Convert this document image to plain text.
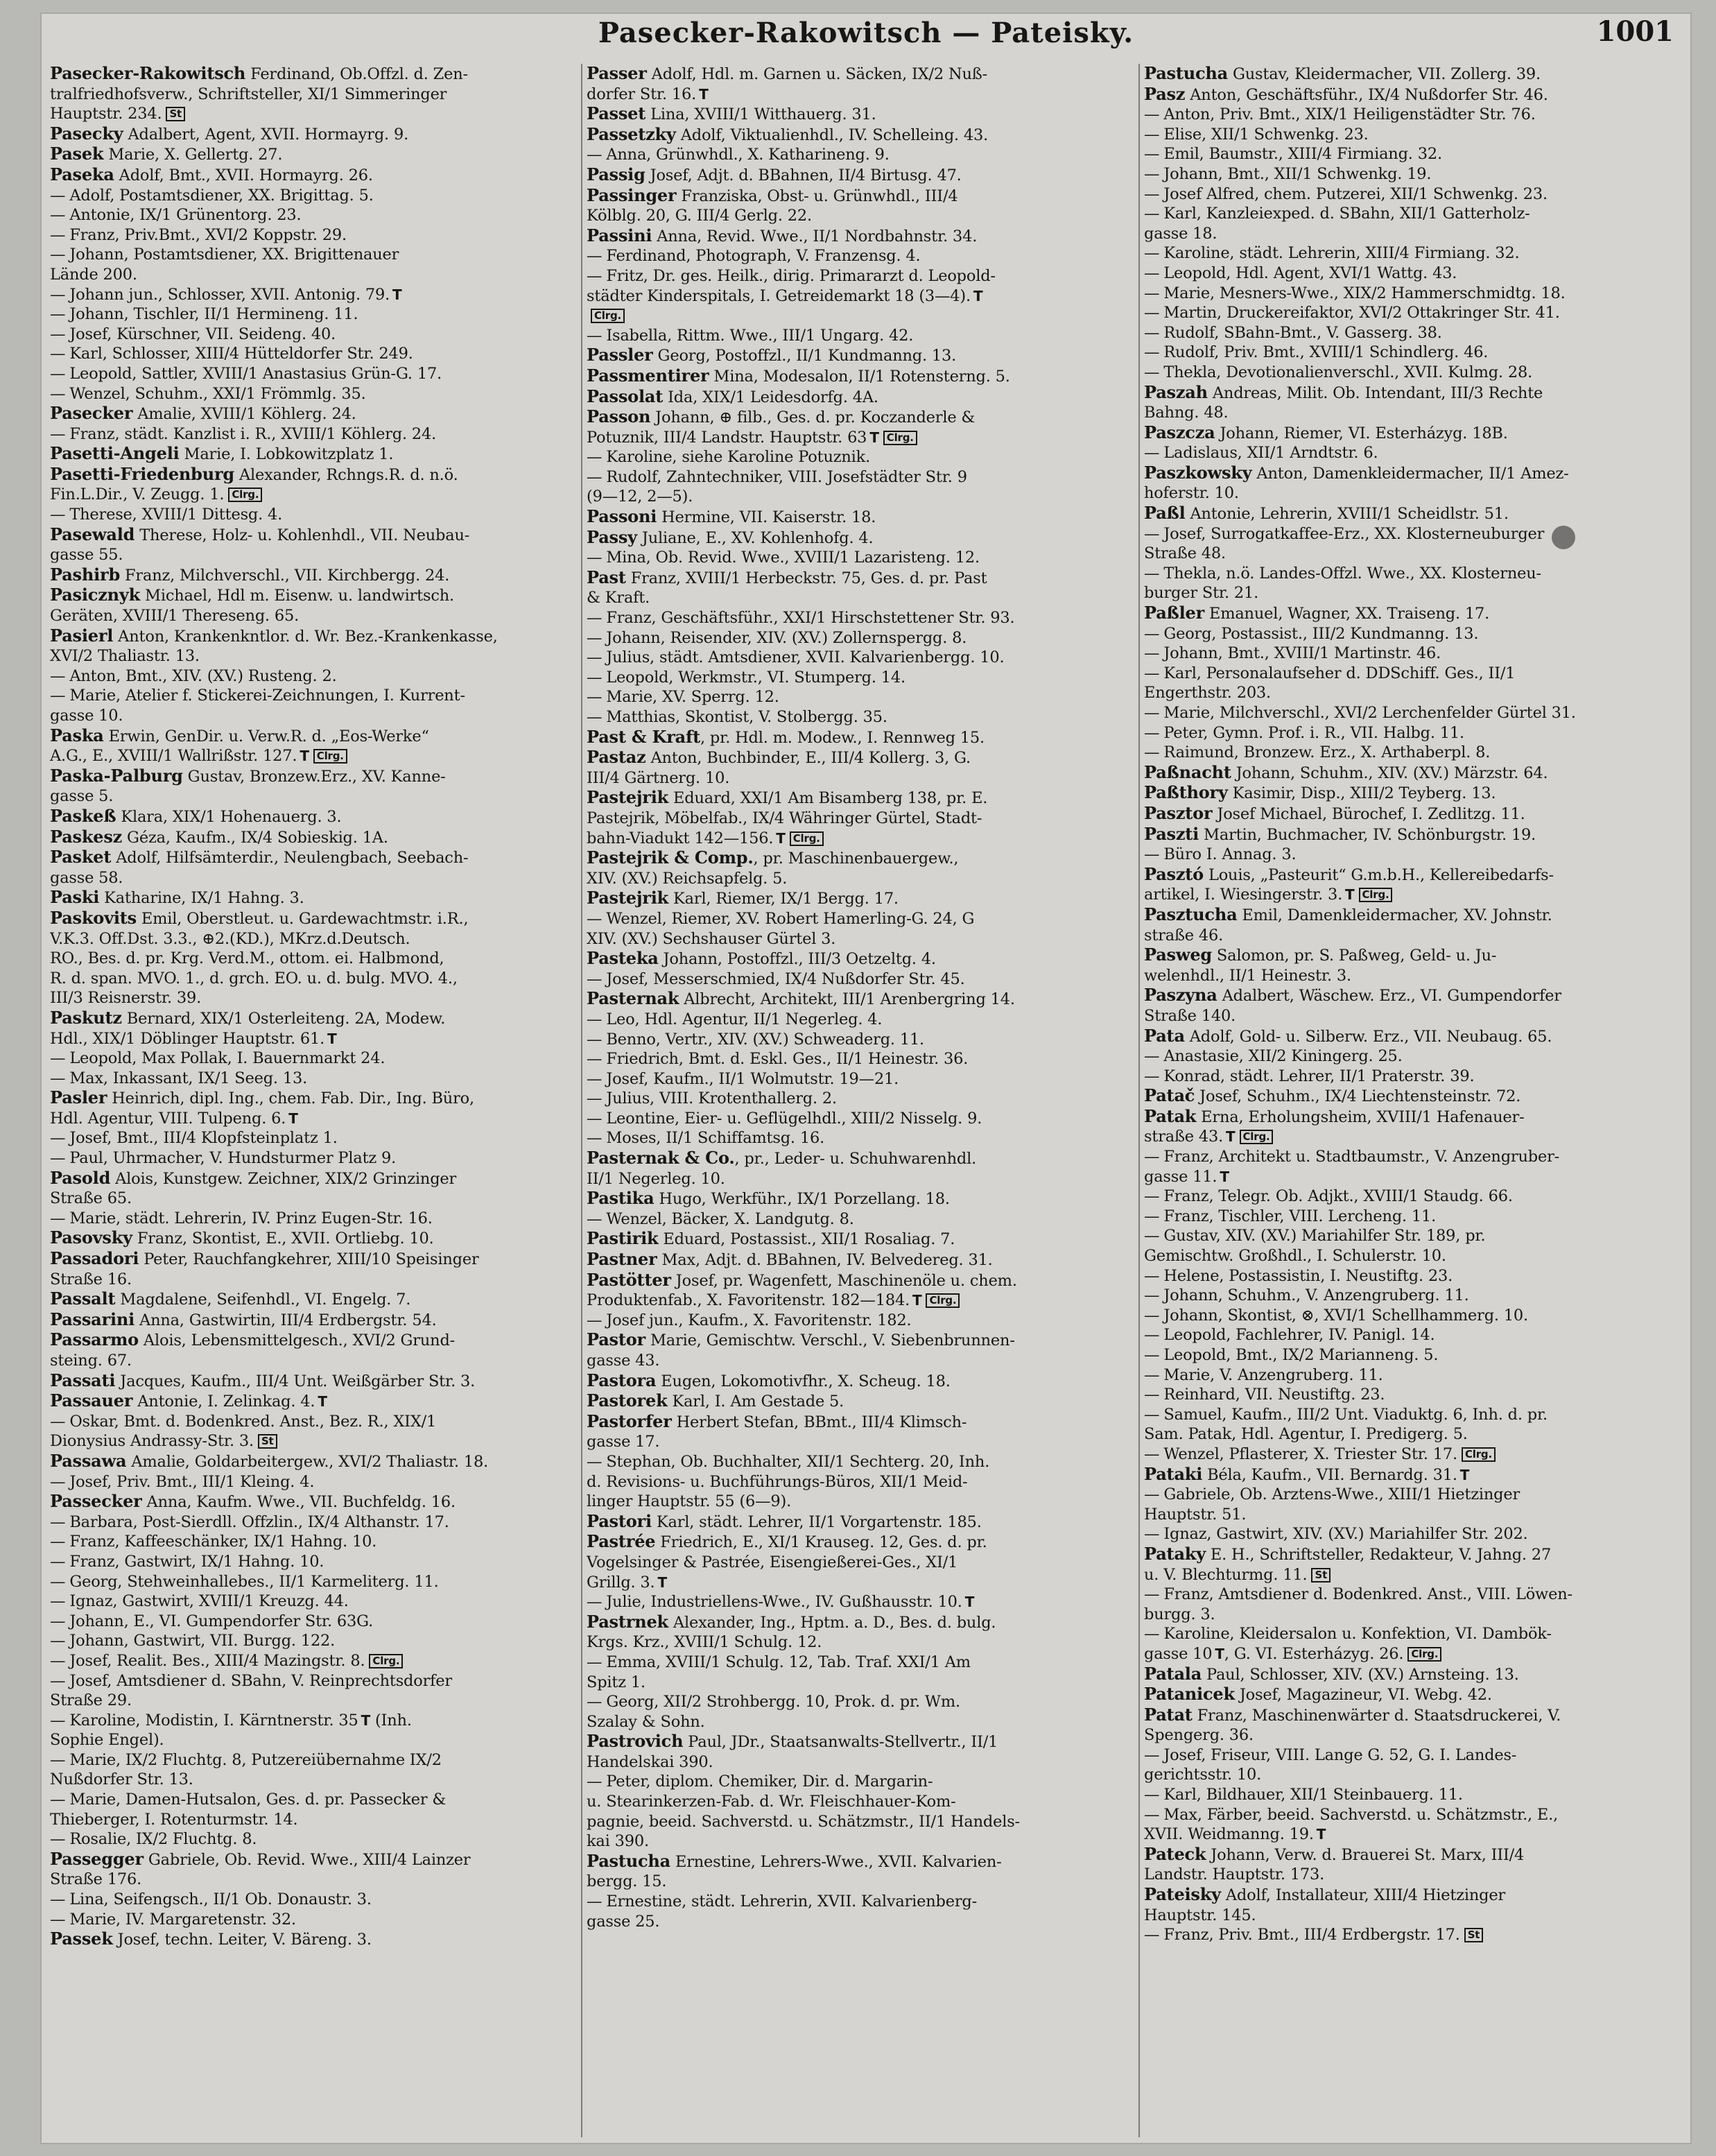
Pasecker-Rakowitsch — Pateisky.	1001

Pasecker-Rakowitsch Ferdinand, Ob.Offzl. d. Zen-

tralfriedhofsverw., Schriftsteller, XI/1 Simmeringer

Hauptstr. 234. St

Pasecky Adalbert, Agent, XVII. Hormayrg. 9.

Pasek Marie, X. Gellertg. 27.

Paseka Adolf, Bmt., XVII. Hormayrg. 26.

— Adolf, Postamtsdiener, XX. Brigittag. 5.

— Antonie, IX/1 Grünentorg. 23.

— Franz, Priv.Bmt., XVI/2 Koppstr. 29.

— Johann, Postamtsdiener, XX. Brigittenauer

Lände 200.

— Johann jun., Schlosser, XVII. Antonig. 79. T

— Johann, Tischler, II/1 Hermineng. 11.

— Josef, Kürschner, VII. Seideng. 40.

— Karl, Schlosser, XIII/4 Hütteldorfer Str. 249.

— Leopold, Sattler, XVIII/1 Anastasius Grün-G. 17.

— Wenzel, Schuhm., XXI/1 Frömmlg. 35.

Pasecker Amalie, XVIII/1 Köhlerg. 24.

— Franz, städt. Kanzlist i. R., XVIII/1 Köhlerg. 24.

Pasetti-Angeli Marie, I. Lobkowitzplatz 1.

Pasetti-Friedenburg Alexander, Rchngs.R. d. n.ö.

Fin.L.Dir., V. Zeugg. 1. Clrg.

— Therese, XVIII/1 Dittesg. 4.

Pasewald Therese, Holz- u. Kohlenhdl., VII. Neubau-

gasse 55.

Pashirb Franz, Milchverschl., VII. Kirchbergg. 24.

Pasicznyk Michael, Hdl m. Eisenw. u. landwirtsch.

Geräten, XVIII/1 Thereseng. 65.

Pasierl Anton, Krankenkntlor. d. Wr. Bez.-Krankenkasse,

XVI/2 Thaliastr. 13.

— Anton, Bmt., XIV. (XV.) Rusteng. 2.

— Marie, Atelier f. Stickerei-Zeichnungen, I. Kurrent-

gasse 10.

Paska Erwin, GenDir. u. Verw.R. d. „Eos-Werke“

A.G., E., XVIII/1 Wallrißstr. 127. T Clrg.

Paska-Palburg Gustav, Bronzew.Erz., XV. Kanne-

gasse 5.

Paskeß Klara, XIX/1 Hohenauerg. 3.

Paskesz Géza, Kaufm., IX/4 Sobieskig. 1A.

Pasket Adolf, Hilfsämterdir., Neulengbach, Seebach-

gasse 58.

Paski Katharine, IX/1 Hahng. 3.

Paskovits Emil, Oberstleut. u. Gardewachtmstr. i.R.,

V.K.3. Off.Dst. 3.3., ⊕2.(KD.), MKrz.d.Deutsch.

RO., Bes. d. pr. Krg. Verd.M., ottom. ei. Halbmond,

R. d. span. MVO. 1., d. grch. EO. u. d. bulg. MVO. 4.,

III/3 Reisnerstr. 39.

Paskutz Bernard, XIX/1 Osterleiteng. 2A, Modew.

Hdl., XIX/1 Döblinger Hauptstr. 61. T

— Leopold, Max Pollak, I. Bauernmarkt 24.

— Max, Inkassant, IX/1 Seeg. 13.

Pasler Heinrich, dipl. Ing., chem. Fab. Dir., Ing. Büro,

Hdl. Agentur, VIII. Tulpeng. 6. T

— Josef, Bmt., III/4 Klopfsteinplatz 1.

— Paul, Uhrmacher, V. Hundsturmer Platz 9.

Pasold Alois, Kunstgew. Zeichner, XIX/2 Grinzinger

Straße 65.

— Marie, städt. Lehrerin, IV. Prinz Eugen-Str. 16.

Pasovsky Franz, Skontist, E., XVII. Ortliebg. 10.

Passadori Peter, Rauchfangkehrer, XIII/10 Speisinger

Straße 16.

Passalt Magdalene, Seifenhdl., VI. Engelg. 7.

Passarini Anna, Gastwirtin, III/4 Erdbergstr. 54.

Passarmo Alois, Lebensmittelgesch., XVI/2 Grund-

steing. 67.

Passati Jacques, Kaufm., III/4 Unt. Weißgärber Str. 3.

Passauer Antonie, I. Zelinkag. 4. T

— Oskar, Bmt. d. Bodenkred. Anst., Bez. R., XIX/1

Dionysius Andrassy-Str. 3. St

Passawa Amalie, Goldarbeitergew., XVI/2 Thaliastr. 18.

— Josef, Priv. Bmt., III/1 Kleing. 4.

Passecker Anna, Kaufm. Wwe., VII. Buchfeldg. 16.

— Barbara, Post-Sierdll. Offzlin., IX/4 Althanstr. 17.

— Franz, Kaffeeschänker, IX/1 Hahng. 10.

— Franz, Gastwirt, IX/1 Hahng. 10.

— Georg, Stehweinhallebes., II/1 Karmeliterg. 11.

— Ignaz, Gastwirt, XVIII/1 Kreuzg. 44.

— Johann, E., VI. Gumpendorfer Str. 63G.

— Johann, Gastwirt, VII. Burgg. 122.

— Josef, Realit. Bes., XIII/4 Mazingstr. 8. Clrg.

— Josef, Amtsdiener d. SBahn, V. Reinprechtsdorfer

Straße 29.

— Karoline, Modistin, I. Kärntnerstr. 35 T (Inh.

Sophie Engel).

— Marie, IX/2 Fluchtg. 8, Putzereiübernahme IX/2

Nußdorfer Str. 13.

— Marie, Damen-Hutsalon, Ges. d. pr. Passecker &

Thieberger, I. Rotenturmstr. 14.

— Rosalie, IX/2 Fluchtg. 8.

Passegger Gabriele, Ob. Revid. Wwe., XIII/4 Lainzer

Straße 176.

— Lina, Seifengsch., II/1 Ob. Donaustr. 3.

— Marie, IV. Margaretenstr. 32.

Passek Josef, techn. Leiter, V. Bäreng. 3.

Passer Adolf, Hdl. m. Garnen u. Säcken, IX/2 Nuß-

dorfer Str. 16. T

Passet Lina, XVIII/1 Witthauerg. 31.

Passetzky Adolf, Viktualienhdl., IV. Schelleing. 43.

— Anna, Grünwhdl., X. Katharineng. 9.

Passig Josef, Adjt. d. BBahnen, II/4 Birtusg. 47.

Passinger Franziska, Obst- u. Grünwhdl., III/4

Kölblg. 20, G. III/4 Gerlg. 22.

Passini Anna, Revid. Wwe., II/1 Nordbahnstr. 34.

— Ferdinand, Photograph, V. Franzensg. 4.

— Fritz, Dr. ges. Heilk., dirig. Primararzt d. Leopold-

städter Kinderspitals, I. Getreidemarkt 18 (3—4). T

Clrg.

— Isabella, Rittm. Wwe., III/1 Ungarg. 42.

Passler Georg, Postoffzl., II/1 Kundmanng. 13.

Passmentirer Mina, Modesalon, II/1 Rotensterng. 5.

Passolat Ida, XIX/1 Leidesdorfg. 4A.

Passon Johann, ⊕ filb., Ges. d. pr. Koczanderle &

Potuznik, III/4 Landstr. Hauptstr. 63 T Clrg.

— Karoline, siehe Karoline Potuznik.

— Rudolf, Zahntechniker, VIII. Josefstädter Str. 9

(9—12, 2—5).

Passoni Hermine, VII. Kaiserstr. 18.

Passy Juliane, E., XV. Kohlenhofg. 4.

— Mina, Ob. Revid. Wwe., XVIII/1 Lazaristeng. 12.

Past Franz, XVIII/1 Herbeckstr. 75, Ges. d. pr. Past

& Kraft.

— Franz, Geschäftsführ., XXI/1 Hirschstettener Str. 93.

— Johann, Reisender, XIV. (XV.) Zollernspergg. 8.

— Julius, städt. Amtsdiener, XVII. Kalvarienbergg. 10.

— Leopold, Werkmstr., VI. Stumperg. 14.

— Marie, XV. Sperrg. 12.

— Matthias, Skontist, V. Stolbergg. 35.

Past & Kraft, pr. Hdl. m. Modew., I. Rennweg 15.

Pastaz Anton, Buchbinder, E., III/4 Kollerg. 3, G.

III/4 Gärtnerg. 10.

Pastejrik Eduard, XXI/1 Am Bisamberg 138, pr. E.

Pastejrik, Möbelfab., IX/4 Währinger Gürtel, Stadt-

bahn-Viadukt 142—156. T Clrg.

Pastejrik & Comp., pr. Maschinenbauergew.,

XIV. (XV.) Reichsapfelg. 5.

Pastejrik Karl, Riemer, IX/1 Bergg. 17.

— Wenzel, Riemer, XV. Robert Hamerling-G. 24, G

XIV. (XV.) Sechshauser Gürtel 3.

Pasteka Johann, Postoffzl., III/3 Oetzeltg. 4.

— Josef, Messerschmied, IX/4 Nußdorfer Str. 45.

Pasternak Albrecht, Architekt, III/1 Arenbergring 14.

— Leo, Hdl. Agentur, II/1 Negerleg. 4.

— Benno, Vertr., XIV. (XV.) Schweaderg. 11.

— Friedrich, Bmt. d. Eskl. Ges., II/1 Heinestr. 36.

— Josef, Kaufm., II/1 Wolmutstr. 19—21.

— Julius, VIII. Krotenthallerg. 2.

— Leontine, Eier- u. Geflügelhdl., XIII/2 Nisselg. 9.

— Moses, II/1 Schiffamtsg. 16.

Pasternak & Co., pr., Leder- u. Schuhwarenhdl.

II/1 Negerleg. 10.

Pastika Hugo, Werkführ., IX/1 Porzellang. 18.

— Wenzel, Bäcker, X. Landgutg. 8.

Pastirik Eduard, Postassist., XII/1 Rosaliag. 7.

Pastner Max, Adjt. d. BBahnen, IV. Belvedereg. 31.

Pastötter Josef, pr. Wagenfett, Maschinenöle u. chem.

Produktenfab., X. Favoritenstr. 182—184. T Clrg.

— Josef jun., Kaufm., X. Favoritenstr. 182.

Pastor Marie, Gemischtw. Verschl., V. Siebenbrunnen-

gasse 43.

Pastora Eugen, Lokomotivfhr., X. Scheug. 18.

Pastorek Karl, I. Am Gestade 5.

Pastorfer Herbert Stefan, BBmt., III/4 Klimsch-

gasse 17.

— Stephan, Ob. Buchhalter, XII/1 Sechterg. 20, Inh.

d. Revisions- u. Buchführungs-Büros, XII/1 Meid-

linger Hauptstr. 55 (6—9).

Pastori Karl, städt. Lehrer, II/1 Vorgartenstr. 185.

Pastrée Friedrich, E., XI/1 Krauseg. 12, Ges. d. pr.

Vogelsinger & Pastrée, Eisengießerei-Ges., XI/1

Grillg. 3. T

— Julie, Industriellens-Wwe., IV. Gußhausstr. 10. T

Pastrnek Alexander, Ing., Hptm. a. D., Bes. d. bulg.

Krgs. Krz., XVIII/1 Schulg. 12.

— Emma, XVIII/1 Schulg. 12, Tab. Traf. XXI/1 Am

Spitz 1.

— Georg, XII/2 Strohbergg. 10, Prok. d. pr. Wm.

Szalay & Sohn.

Pastrovich Paul, JDr., Staatsanwalts-Stellvertr., II/1

Handelskai 390.

— Peter, diplom. Chemiker, Dir. d. Margarin-

u. Stearinkerzen-Fab. d. Wr. Fleischhauer-Kom-

pagnie, beeid. Sachverstd. u. Schätzmstr., II/1 Handels-

kai 390.

Pastucha Ernestine, Lehrers-Wwe., XVII. Kalvarien-

bergg. 15.

— Ernestine, städt. Lehrerin, XVII. Kalvarienberg-

gasse 25.

Pastucha Gustav, Kleidermacher, VII. Zollerg. 39.

Pasz Anton, Geschäftsführ., IX/4 Nußdorfer Str. 46.

— Anton, Priv. Bmt., XIX/1 Heiligenstädter Str. 76.

— Elise, XII/1 Schwenkg. 23.

— Emil, Baumstr., XIII/4 Firmiang. 32.

— Johann, Bmt., XII/1 Schwenkg. 19.

— Josef Alfred, chem. Putzerei, XII/1 Schwenkg. 23.

— Karl, Kanzleiexped. d. SBahn, XII/1 Gatterholz-

gasse 18.

— Karoline, städt. Lehrerin, XIII/4 Firmiang. 32.

— Leopold, Hdl. Agent, XVI/1 Wattg. 43.

— Marie, Mesners-Wwe., XIX/2 Hammerschmidtg. 18.

— Martin, Druckereifaktor, XVI/2 Ottakringer Str. 41.

— Rudolf, SBahn-Bmt., V. Gasserg. 38.

— Rudolf, Priv. Bmt., XVIII/1 Schindlerg. 46.

— Thekla, Devotionalienverschl., XVII. Kulmg. 28.

Paszah Andreas, Milit. Ob. Intendant, III/3 Rechte

Bahng. 48.

Paszcza Johann, Riemer, VI. Esterházyg. 18B.

— Ladislaus, XII/1 Arndtstr. 6.

Paszkowsky Anton, Damenkleidermacher, II/1 Amez-

hoferstr. 10.

Paßl Antonie, Lehrerin, XVIII/1 Scheidlstr. 51.

— Josef, Surrogatkaffee-Erz., XX. Klosterneuburger

Straße 48.

— Thekla, n.ö. Landes-Offzl. Wwe., XX. Klosterneu-

burger Str. 21.

Paßler Emanuel, Wagner, XX. Traiseng. 17.

— Georg, Postassist., III/2 Kundmanng. 13.

— Johann, Bmt., XVIII/1 Martinstr. 46.

— Karl, Personalaufseher d. DDSchiff. Ges., II/1

Engerthstr. 203.

— Marie, Milchverschl., XVI/2 Lerchenfelder Gürtel 31.

— Peter, Gymn. Prof. i. R., VII. Halbg. 11.

— Raimund, Bronzew. Erz., X. Arthaberpl. 8.

Paßnacht Johann, Schuhm., XIV. (XV.) Märzstr. 64.

Paßthory Kasimir, Disp., XIII/2 Teyberg. 13.

Pasztor Josef Michael, Bürochef, I. Zedlitzg. 11.

Paszti Martin, Buchmacher, IV. Schönburgstr. 19.

— Büro I. Annag. 3.

Pasztó Louis, „Pasteurit“ G.m.b.H., Kellereibedarfs-

artikel, I. Wiesingerstr. 3. T Clrg.

Pasztucha Emil, Damenkleidermacher, XV. Johnstr.

straße 46.

Pasweg Salomon, pr. S. Paßweg, Geld- u. Ju-

welenhdl., II/1 Heinestr. 3.

Paszyna Adalbert, Wäschew. Erz., VI. Gumpendorfer

Straße 140.

Pata Adolf, Gold- u. Silberw. Erz., VII. Neubaug. 65.

— Anastasie, XII/2 Kiningerg. 25.

— Konrad, städt. Lehrer, II/1 Praterstr. 39.

Patač Josef, Schuhm., IX/4 Liechtensteinstr. 72.

Patak Erna, Erholungsheim, XVIII/1 Hafenauer-

straße 43. T Clrg.

— Franz, Architekt u. Stadtbaumstr., V. Anzengruber-

gasse 11. T

— Franz, Telegr. Ob. Adjkt., XVIII/1 Staudg. 66.

— Franz, Tischler, VIII. Lercheng. 11.

— Gustav, XIV. (XV.) Mariahilfer Str. 189, pr.

Gemischtw. Großhdl., I. Schulerstr. 10.

— Helene, Postassistin, I. Neustiftg. 23.

— Johann, Schuhm., V. Anzengruberg. 11.

— Johann, Skontist, ⊗, XVI/1 Schellhammerg. 10.

— Leopold, Fachlehrer, IV. Panigl. 14.

— Leopold, Bmt., IX/2 Marianneng. 5.

— Marie, V. Anzengruberg. 11.

— Reinhard, VII. Neustiftg. 23.

— Samuel, Kaufm., III/2 Unt. Viaduktg. 6, Inh. d. pr.

Sam. Patak, Hdl. Agentur, I. Predigerg. 5.

— Wenzel, Pflasterer, X. Triester Str. 17. Clrg.

Pataki Béla, Kaufm., VII. Bernardg. 31. T

— Gabriele, Ob. Arztens-Wwe., XIII/1 Hietzinger

Hauptstr. 51.

— Ignaz, Gastwirt, XIV. (XV.) Mariahilfer Str. 202.

Pataky E. H., Schriftsteller, Redakteur, V. Jahng. 27

u. V. Blechturmg. 11. St

— Franz, Amtsdiener d. Bodenkred. Anst., VIII. Löwen-

burgg. 3.

— Karoline, Kleidersalon u. Konfektion, VI. Dambök-

gasse 10 T, G. VI. Esterházyg. 26. Clrg.

Patala Paul, Schlosser, XIV. (XV.) Arnsteing. 13.

Patanicek Josef, Magazineur, VI. Webg. 42.

Patat Franz, Maschinenwärter d. Staatsdruckerei, V.

Spengerg. 36.

— Josef, Friseur, VIII. Lange G. 52, G. I. Landes-

gerichtsstr. 10.

— Karl, Bildhauer, XII/1 Steinbauerg. 11.

— Max, Färber, beeid. Sachverstd. u. Schätzmstr., E.,

XVII. Weidmanng. 19. T

Pateck Johann, Verw. d. Brauerei St. Marx, III/4

Landstr. Hauptstr. 173.

Pateisky Adolf, Installateur, XIII/4 Hietzinger

Hauptstr. 145.

— Franz, Priv. Bmt., III/4 Erdbergstr. 17. St
